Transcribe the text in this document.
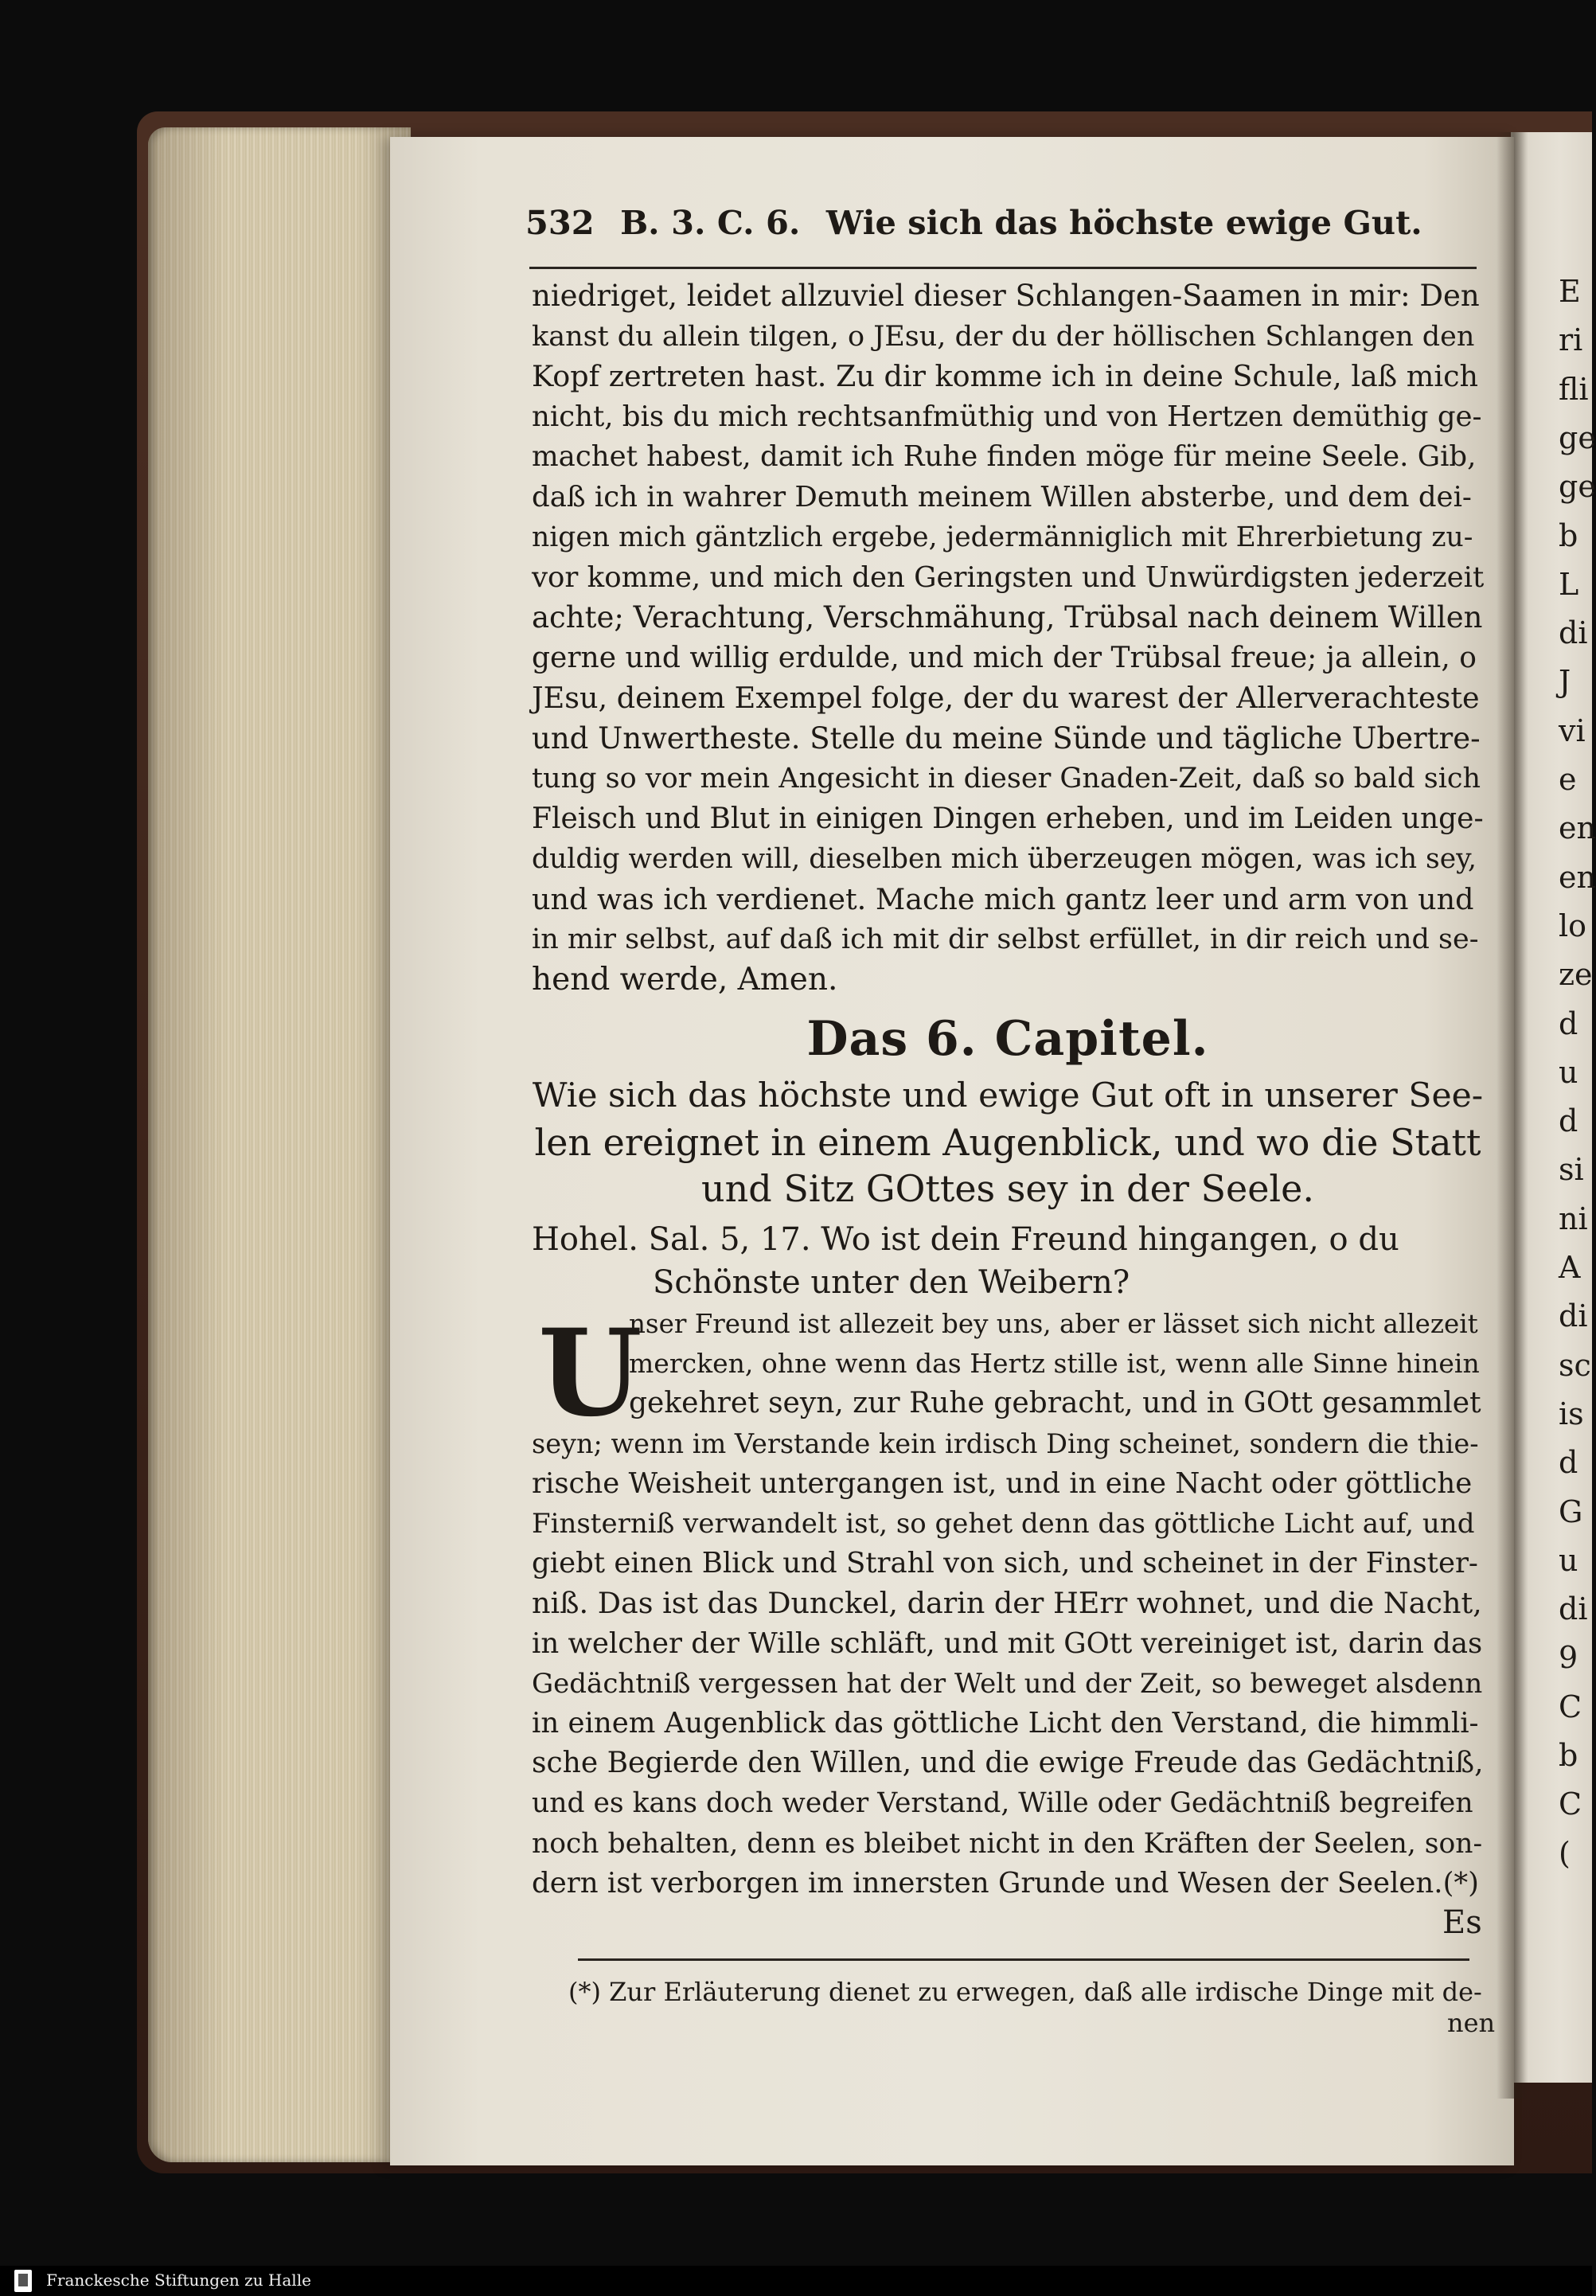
532 B. 3. C. 6. Wie sich das höchste ewige Gut.
niedriget, leidet allzuviel dieser Schlangen-Saamen in mir: Den
kanst du allein tilgen, o JEsu, der du der höllischen Schlangen den
Kopf zertreten hast. Zu dir komme ich in deine Schule, laß mich
nicht, bis du mich rechtsanfmüthig und von Hertzen demüthig ge-
machet habest, damit ich Ruhe finden möge für meine Seele. Gib,
daß ich in wahrer Demuth meinem Willen absterbe, und dem dei-
nigen mich gäntzlich ergebe, jedermänniglich mit Ehrerbietung zu-
vor komme, und mich den Geringsten und Unwürdigsten jederzeit
achte; Verachtung, Verschmähung, Trübsal nach deinem Willen
gerne und willig erdulde, und mich der Trübsal freue; ja allein, o
JEsu, deinem Exempel folge, der du warest der Allerverachteste
und Unwertheste. Stelle du meine Sünde und tägliche Ubertre-
tung so vor mein Angesicht in dieser Gnaden-Zeit, daß so bald sich
Fleisch und Blut in einigen Dingen erheben, und im Leiden unge-
duldig werden will, dieselben mich überzeugen mögen, was ich sey,
und was ich verdienet. Mache mich gantz leer und arm von und
in mir selbst, auf daß ich mit dir selbst erfüllet, in dir reich und se-
hend werde, Amen.
Das 6. Capitel.
Wie sich das höchste und ewige Gut oft in unserer See-
len ereignet in einem Augenblick, und wo die Statt
und Sitz GOttes sey in der Seele.
Hohel. Sal. 5, 17. Wo ist dein Freund hingangen, o du
Schönste unter den Weibern?
U
nser Freund ist allezeit bey uns, aber er lässet sich nicht allezeit
mercken, ohne wenn das Hertz stille ist, wenn alle Sinne hinein
gekehret seyn, zur Ruhe gebracht, und in GOtt gesammlet
seyn; wenn im Verstande kein irdisch Ding scheinet, sondern die thie-
rische Weisheit untergangen ist, und in eine Nacht oder göttliche
Finsterniß verwandelt ist, so gehet denn das göttliche Licht auf, und
giebt einen Blick und Strahl von sich, und scheinet in der Finster-
niß. Das ist das Dunckel, darin der HErr wohnet, und die Nacht,
in welcher der Wille schläft, und mit GOtt vereiniget ist, darin das
Gedächtniß vergessen hat der Welt und der Zeit, so beweget alsdenn
in einem Augenblick das göttliche Licht den Verstand, die himmli-
sche Begierde den Willen, und die ewige Freude das Gedächtniß,
und es kans doch weder Verstand, Wille oder Gedächtniß begreifen
noch behalten, denn es bleibet nicht in den Kräften der Seelen, son-
dern ist verborgen im innersten Grunde und Wesen der Seelen.(*)
Es
(*) Zur Erläuterung dienet zu erwegen, daß alle irdische Dinge mit de-
nen
E
ri
fli
ge
ge
b
L
di
J
vi
e
en
en
lo
ze
d
u
d
si
ni
A
di
sc
is
d
G
u
di
9
C
b
C
(
Franckesche Stiftungen zu Halle
